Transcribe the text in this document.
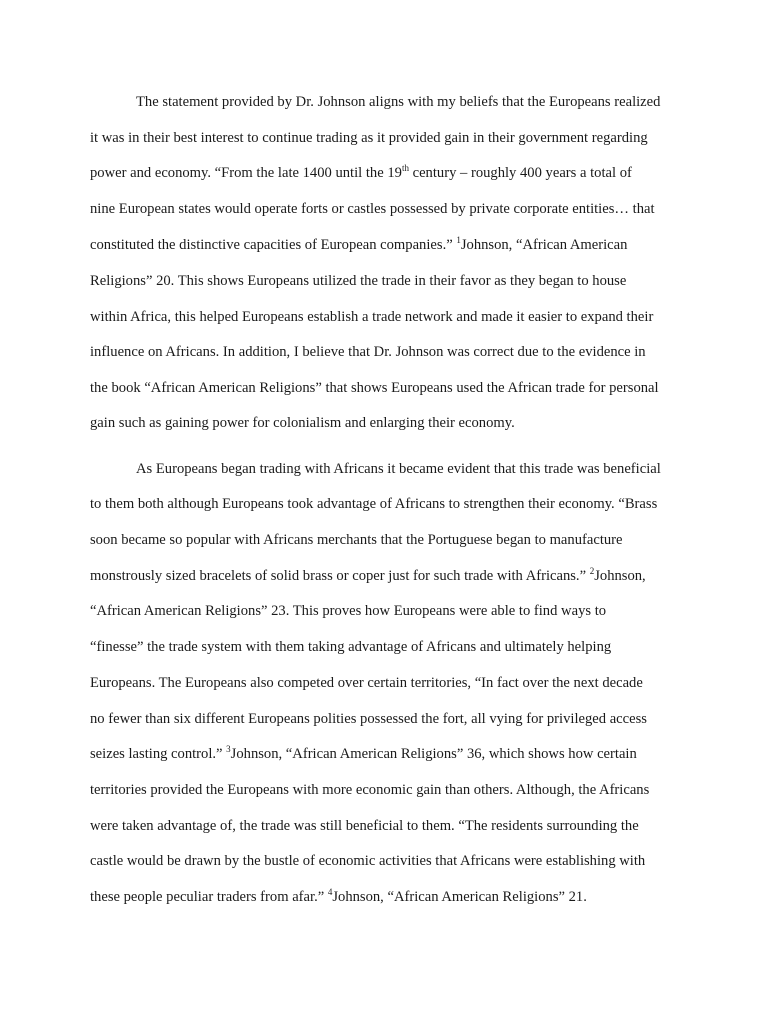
The statement provided by Dr. Johnson aligns with my beliefs that the Europeans realized
it was in their best interest to continue trading as it provided gain in their government regarding
power and economy. “From the late 1400 until the 19th century – roughly 400 years a total of
nine European states would operate forts or castles possessed by private corporate entities… that
constituted the distinctive capacities of European companies.” $^1$Johnson, “African American
Religions” 20. This shows Europeans utilized the trade in their favor as they began to house
within Africa, this helped Europeans establish a trade network and made it easier to expand their
influence on Africans. In addition, I believe that Dr. Johnson was correct due to the evidence in
the book “African American Religions” that shows Europeans used the African trade for personal
gain such as gaining power for colonialism and enlarging their economy.
As Europeans began trading with Africans it became evident that this trade was beneficial
to them both although Europeans took advantage of Africans to strengthen their economy. “Brass
soon became so popular with Africans merchants that the Portuguese began to manufacture
monstrously sized bracelets of solid brass or coper just for such trade with Africans.” $^2$Johnson,
“African American Religions” 23. This proves how Europeans were able to find ways to
“finesse” the trade system with them taking advantage of Africans and ultimately helping
Europeans. The Europeans also competed over certain territories, “In fact over the next decade
no fewer than six different Europeans polities possessed the fort, all vying for privileged access
seizes lasting control.” $^3$Johnson, “African American Religions” 36, which shows how certain
territories provided the Europeans with more economic gain than others. Although, the Africans
were taken advantage of, the trade was still beneficial to them. “The residents surrounding the
castle would be drawn by the bustle of economic activities that Africans were establishing with
these people peculiar traders from afar.” $^4$Johnson, “African American Religions” 21.
